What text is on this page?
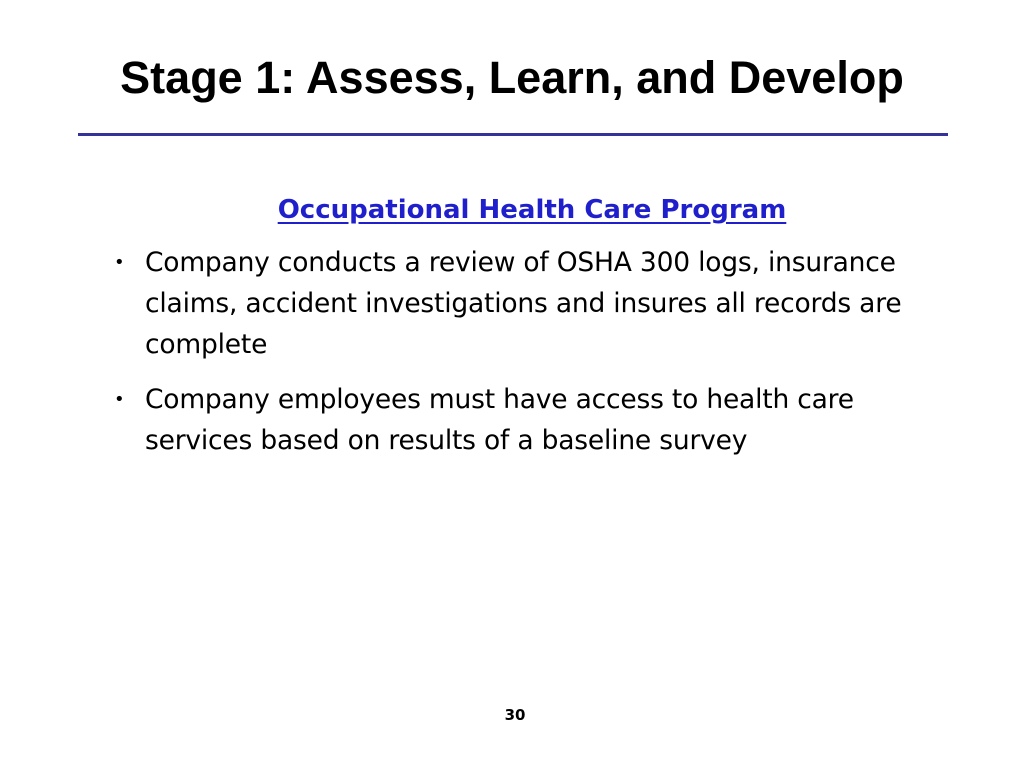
Stage 1: Assess, Learn, and Develop
Occupational Health Care Program
• Company conducts a review of OSHA 300 logs, insurance claims, accident investigations and insures all records are complete
• Company employees must have access to health care services based on results of a baseline survey
30
